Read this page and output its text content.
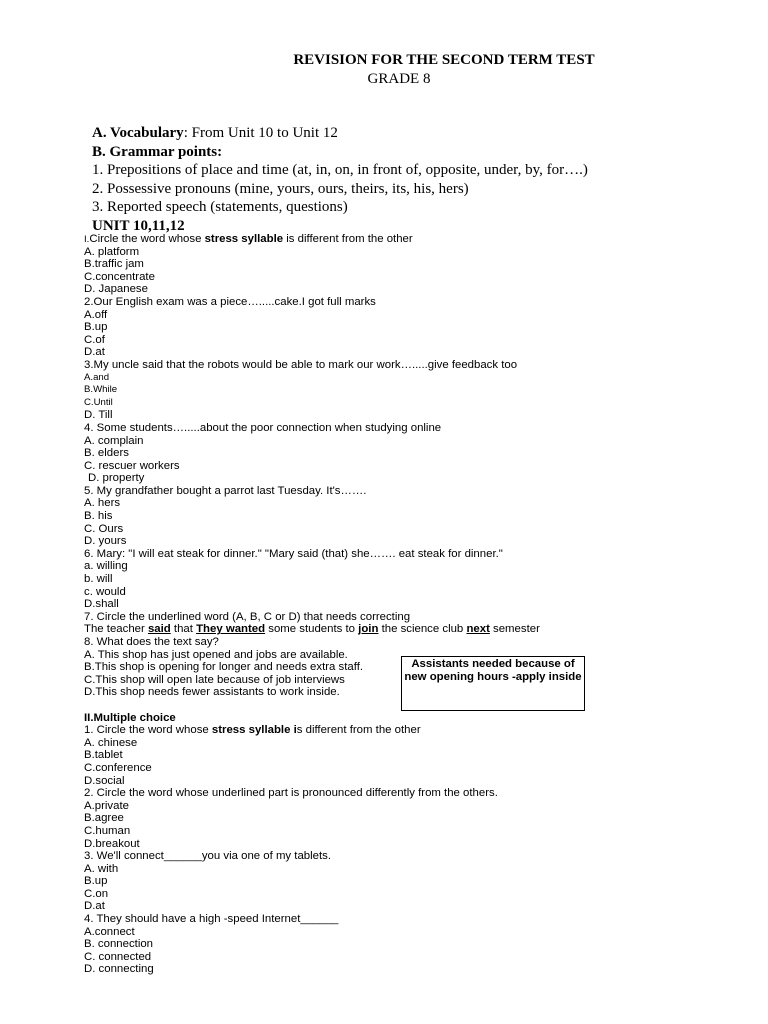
REVISION FOR THE SECOND TERM TEST
GRADE 8
A. Vocabulary: From Unit 10 to Unit 12
B. Grammar points:
1. Prepositions of place and time (at, in, on, in front of, opposite, under, by, for….)
2. Possessive pronouns (mine, yours, ours, theirs, its, his, hers)
3. Reported speech (statements, questions)
UNIT 10,11,12
I.Circle the word whose stress syllable is different from the other
A. platform
B.traffic jam
C.concentrate
D. Japanese
2.Our English exam was a piece….....cake.I got full marks
A.off
B.up
C.of
D.at
3.My uncle said that the robots would be able to mark our work….....give feedback too
A.and
B.While
C.Until
D. Till
4. Some students….....about the poor connection when studying online
A. complain
B. elders
C. rescuer workers
D. property
5. My grandfather bought a parrot last Tuesday. It's…….
A. hers
B. his
C. Ours
D. yours
6. Mary: "I will eat steak for dinner." "Mary said (that) she……. eat steak for dinner."
a. willing
b. will
c. would
D.shall
7. Circle the underlined word (A, B, C or D) that needs correcting
The teacher said that They wanted some students to join the science club next semester
8. What does the text say?
A. This shop has just opened and jobs are available.
B.This shop is opening for longer and needs extra staff.
C.This shop will open late because of job interviews
D.This shop needs fewer assistants to work inside.
II.Multiple choice
1. Circle the word whose stress syllable is different from the other
A. chinese
B.tablet
C.conference
D.social
2. Circle the word whose underlined part is pronounced differently from the others.
A.private
B.agree
C.human
D.breakout
3. We'll connect______you via one of my tablets.
A. with
B.up
C.on
D.at
4. They should have a high -speed Internet______
A.connect
B. connection
C. connected
D. connecting
Assistants needed because of new opening hours -apply inside
